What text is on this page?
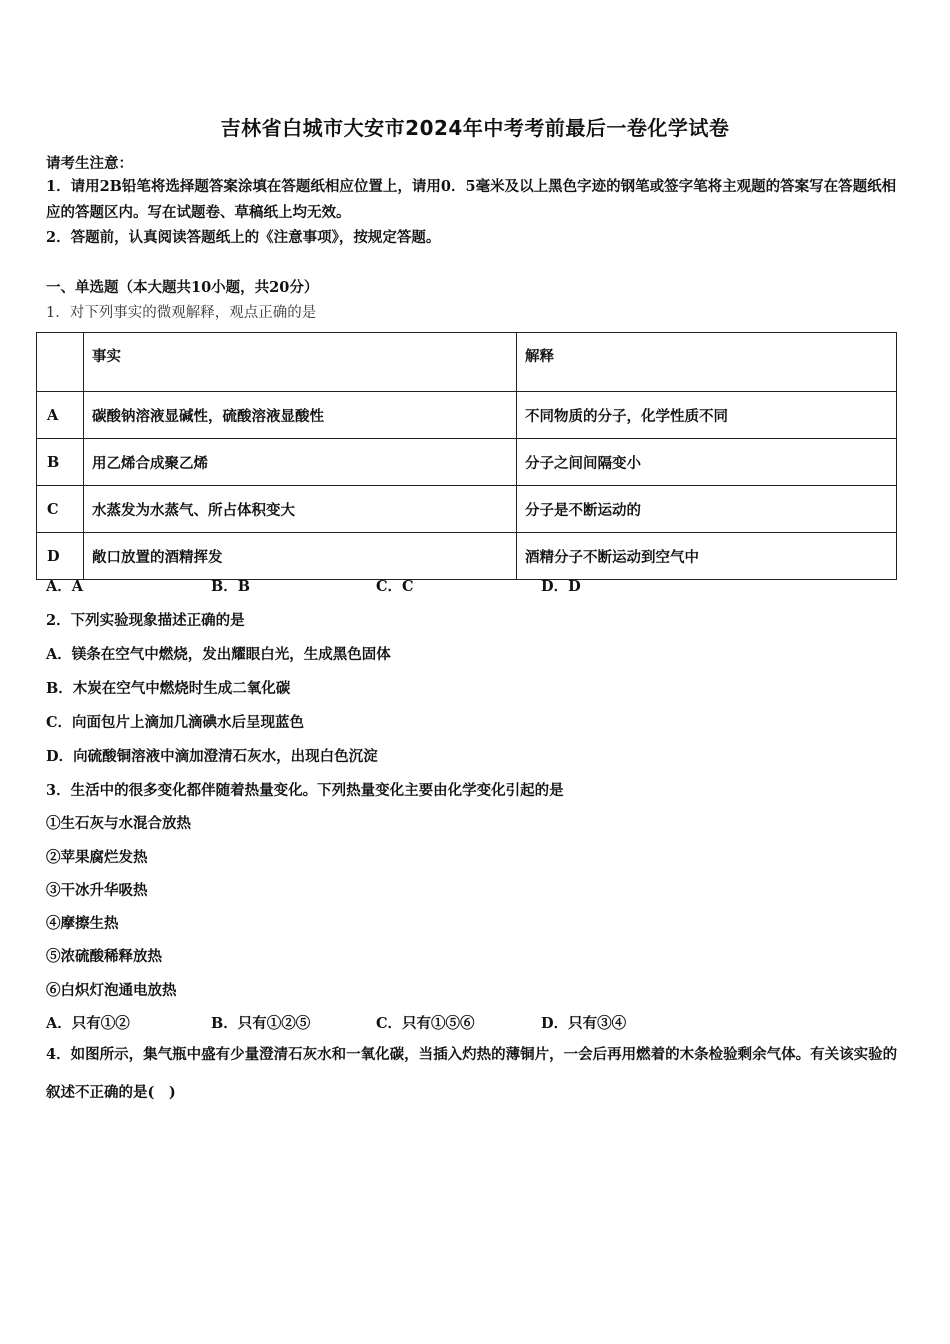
吉林省白城市大安市2024年中考考前最后一卷化学试卷
请考生注意：
1．请用2B铅笔将选择题答案涂填在答题纸相应位置上，请用0．5毫米及以上黑色字迹的钢笔或签字笔将主观题的答案写在答题纸相应的答题区内。写在试题卷、草稿纸上均无效。
2．答题前，认真阅读答题纸上的《注意事项》，按规定答题。
一、单选题（本大题共10小题，共20分）
1．对下列事实的微观解释，观点正确的是
	事实	解释
A	碳酸钠溶液显碱性，硫酸溶液显酸性	不同物质的分子，化学性质不同
B	用乙烯合成聚乙烯	分子之间间隔变小
C	水蒸发为水蒸气、所占体积变大	分子是不断运动的
D	敞口放置的酒精挥发	酒精分子不断运动到空气中
A．A	B．B	C．C	D．D
2．下列实验现象描述正确的是
A．镁条在空气中燃烧，发出耀眼白光，生成黑色固体
B．木炭在空气中燃烧时生成二氧化碳
C．向面包片上滴加几滴碘水后呈现蓝色
D．向硫酸铜溶液中滴加澄清石灰水，出现白色沉淀
3．生活中的很多变化都伴随着热量变化。下列热量变化主要由化学变化引起的是
①生石灰与水混合放热
②苹果腐烂发热
③干冰升华吸热
④摩擦生热
⑤浓硫酸稀释放热
⑥白炽灯泡通电放热
A．只有①②	B．只有①②⑤	C．只有①⑤⑥	D．只有③④
4．如图所示，集气瓶中盛有少量澄清石灰水和一氧化碳，当插入灼热的薄铜片，一会后再用燃着的木条检验剩余气体。有关该实验的叙述不正确的是(　)
